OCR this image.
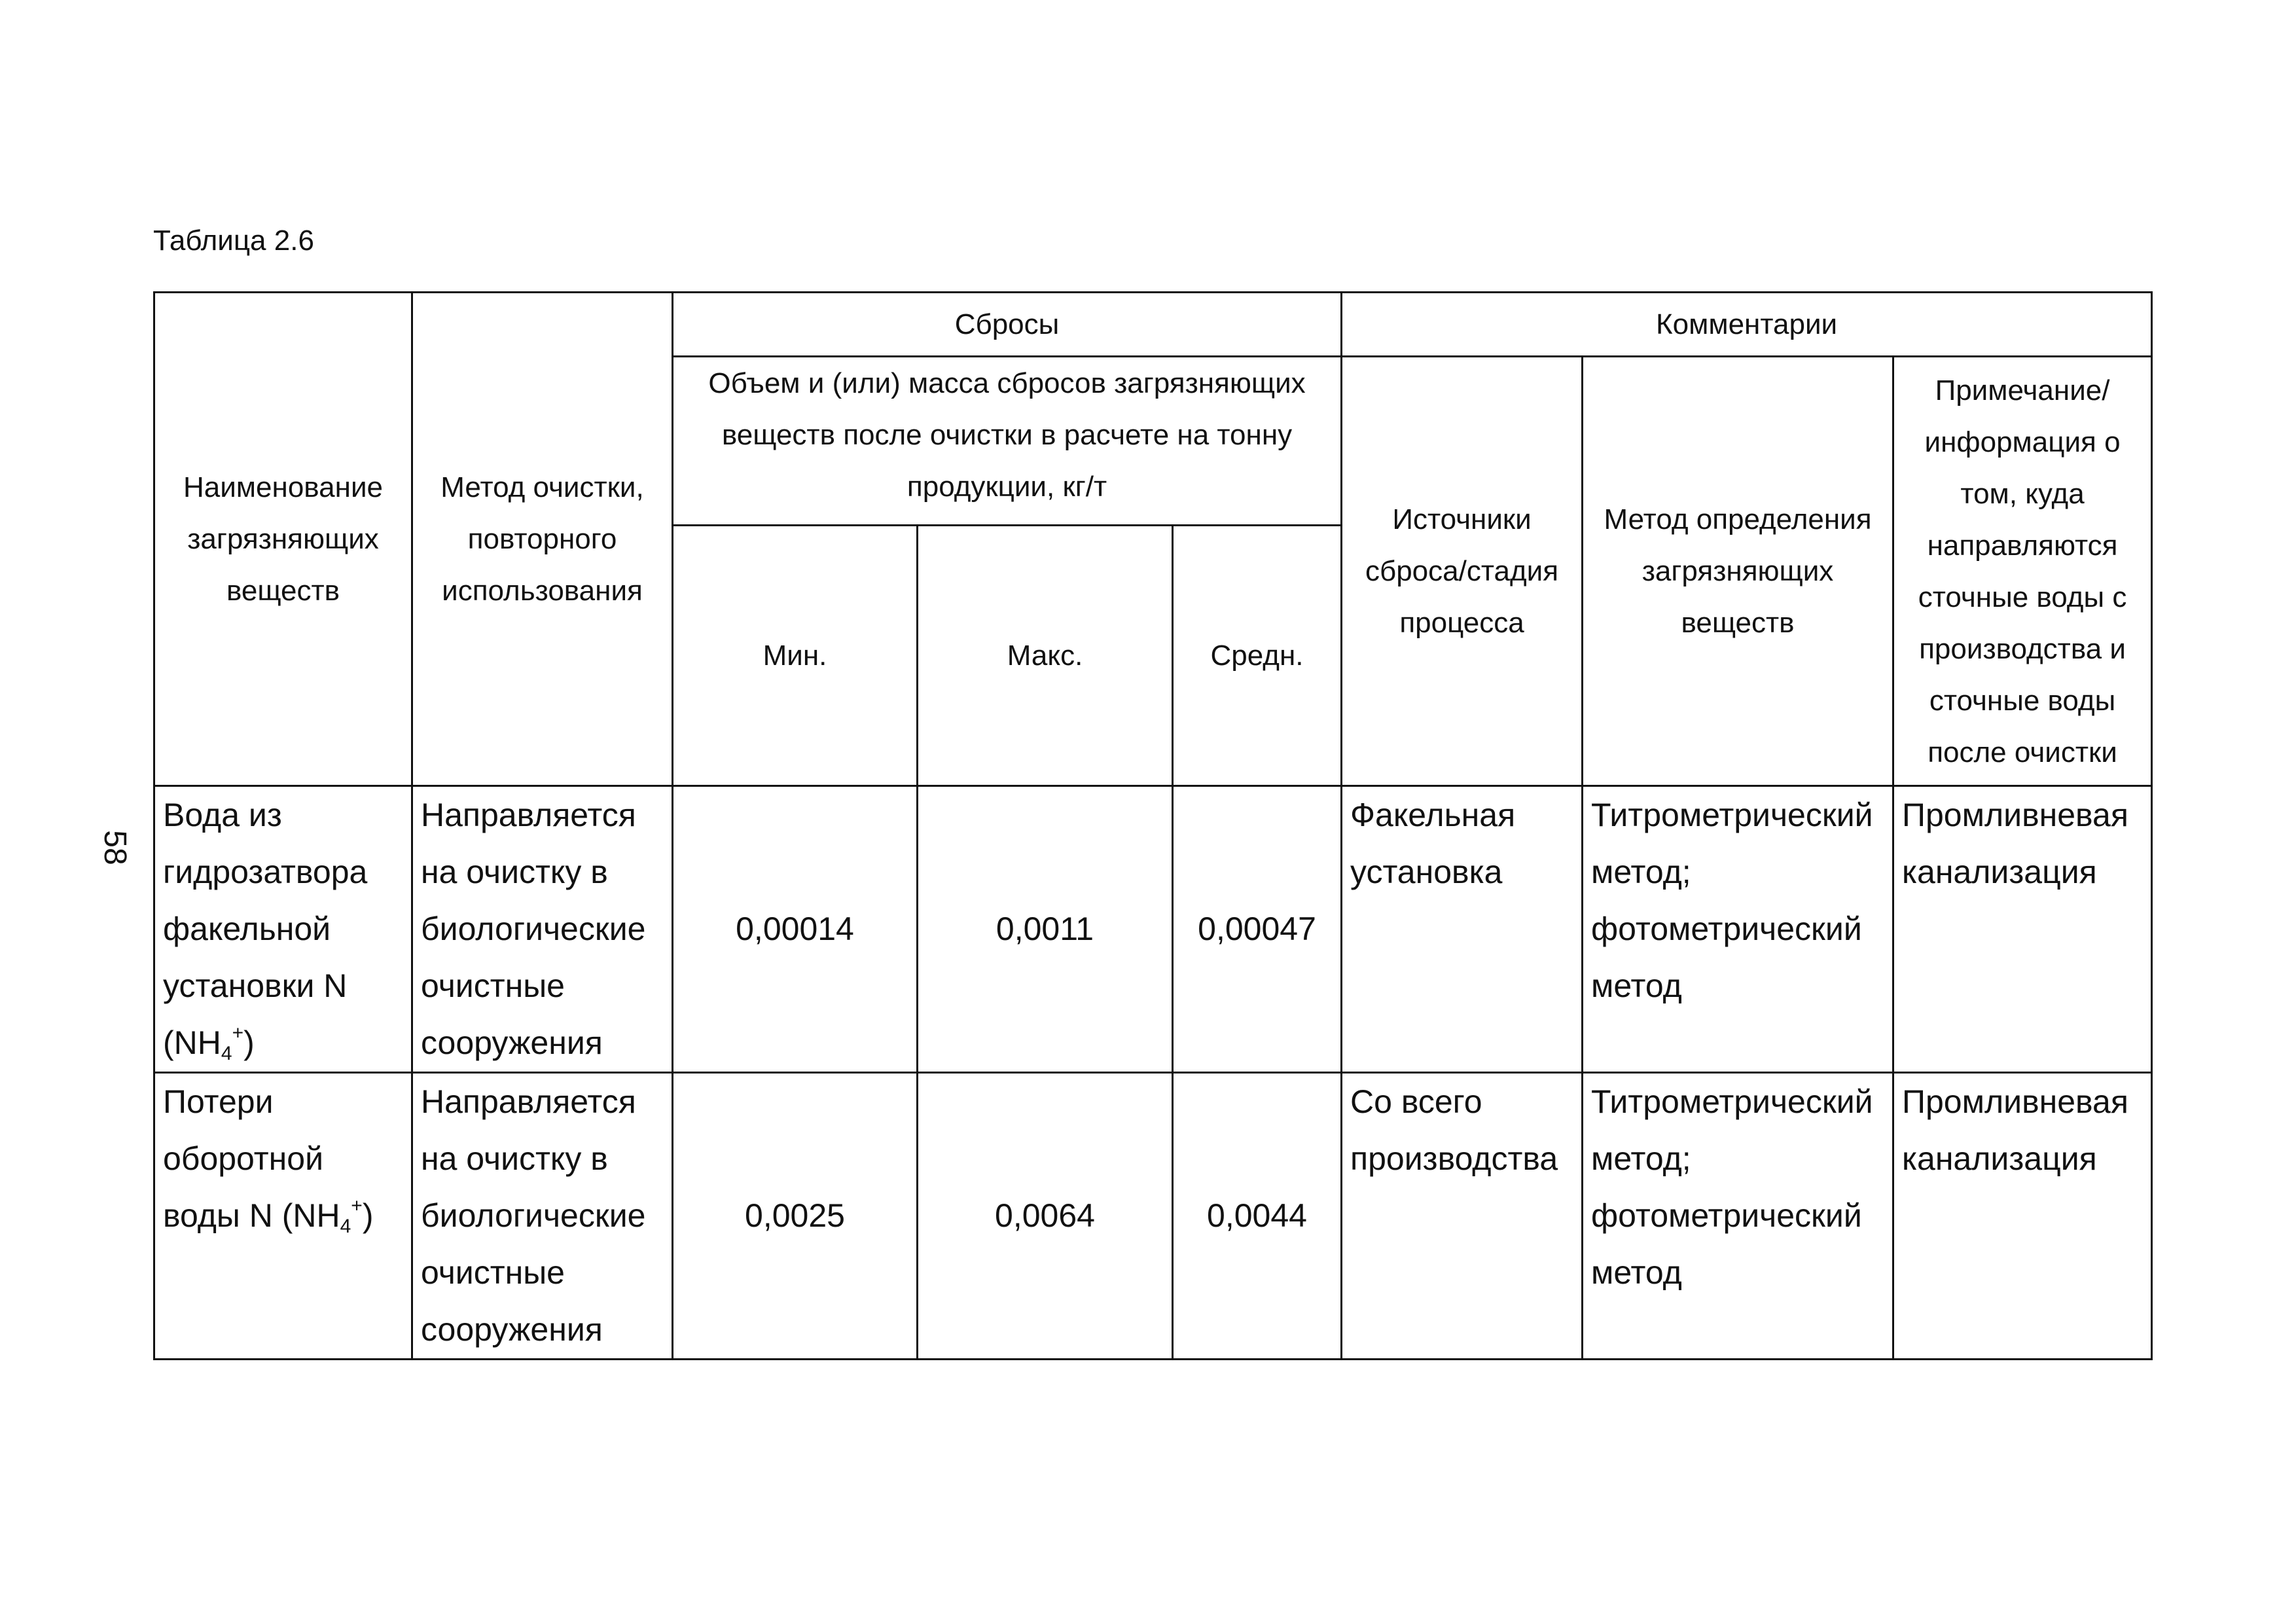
Таблица 2.6
58
Наименование загрязняющих веществ	Метод очистки, повторного использования	Сбросы			Комментарии		
		Объем и (или) масса сбросов загрязняющих веществ после очистки в расчете на тонну продукции, кг/т			Источники сброса/стадия процесса	Метод определения загрязняющих веществ	Примечание/информация о том, куда направляются сточные воды с производства и сточные воды после очистки
		Мин.	Макс.	Средн.			
Вода из гидрозатвора факельной установки N $(NH_4^+)$	Направляется на очистку в биологические очистные сооружения	0,00014	0,0011	0,00047	Факельная установка	Титрометрический метод; фотометрический метод	Промливневая канализация
Потери оборотной воды N $(NH_4^+)$	Направляется на очистку в биологические очистные сооружения	0,0025	0,0064	0,0044	Со всего производства	Титрометрический метод; фотометрический метод	Промливневая канализация
